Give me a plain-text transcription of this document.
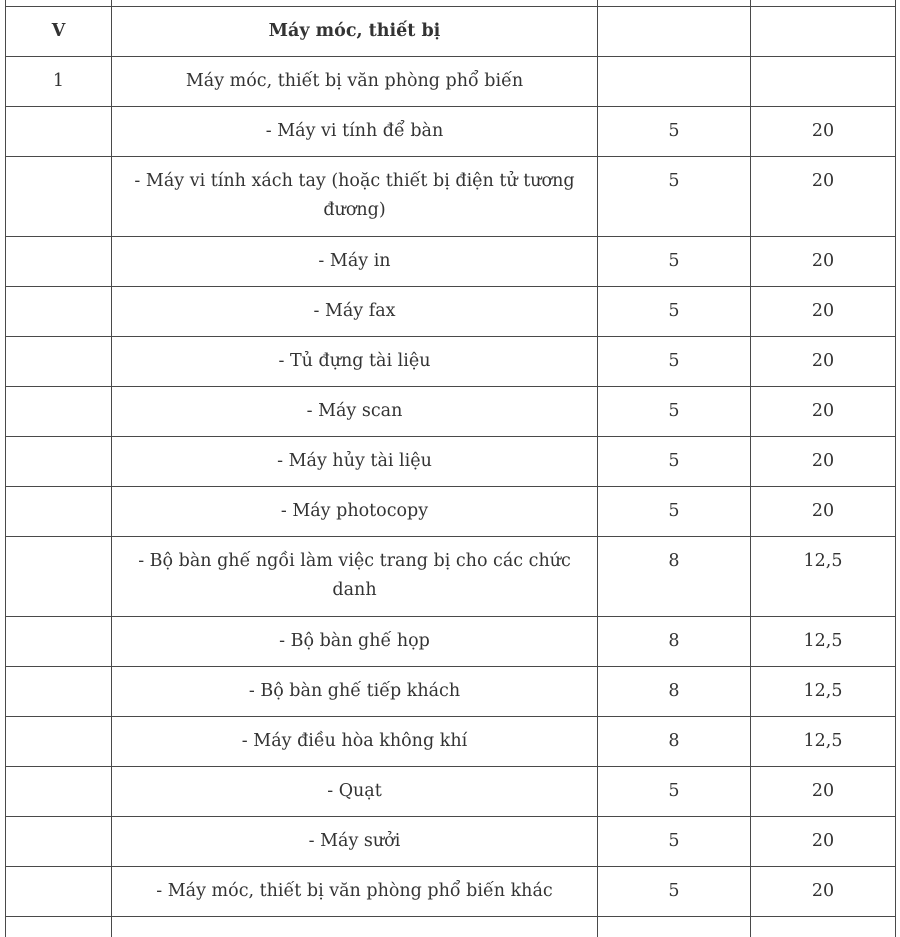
V	Máy móc, thiết bị		
1	Máy móc, thiết bị văn phòng phổ biến		
	- Máy vi tính để bàn	5	20
	- Máy vi tính xách tay (hoặc thiết bị điện tử tương đương)	5	20
	- Máy in	5	20
	- Máy fax	5	20
	- Tủ đựng tài liệu	5	20
	- Máy scan	5	20
	- Máy hủy tài liệu	5	20
	- Máy photocopy	5	20
	- Bộ bàn ghế ngồi làm việc trang bị cho các chức danh	8	12,5
	- Bộ bàn ghế họp	8	12,5
	- Bộ bàn ghế tiếp khách	8	12,5
	- Máy điều hòa không khí	8	12,5
	- Quạt	5	20
	- Máy sưởi	5	20
	- Máy móc, thiết bị văn phòng phổ biến khác	5	20
